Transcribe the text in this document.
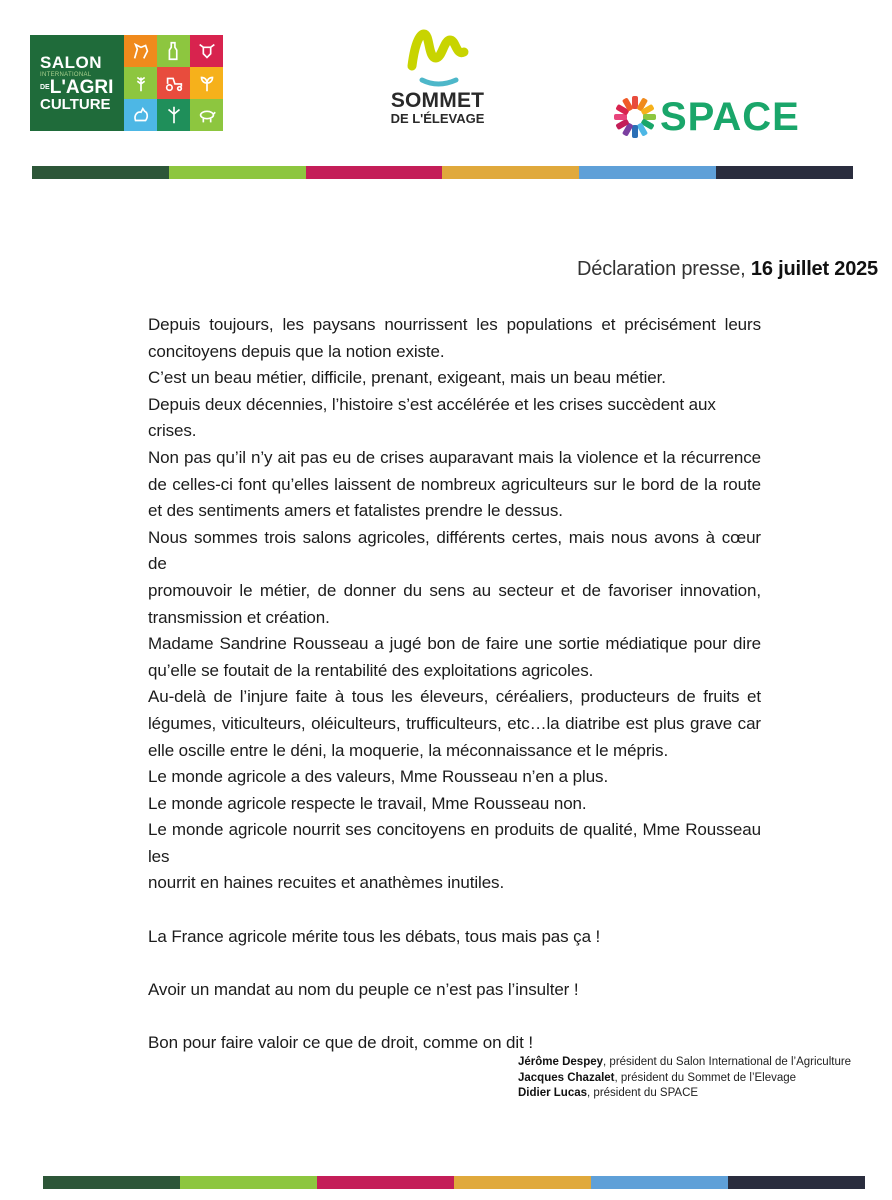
SALON
INTERNATIONAL
$^{DE}$L'AGRI
CULTURE	SOMMET
DE L'ÉLEVAGE	SPACE
Déclaration presse, 16 juillet 2025

Depuis toujours, les paysans nourrissent les populations et précisément leurs

concitoyens depuis que la notion existe.

C’est un beau métier, difficile, prenant, exigeant, mais un beau métier.

Depuis deux décennies, l’histoire s’est accélérée et les crises succèdent aux crises.

Non pas qu’il n’y ait pas eu de crises auparavant mais la violence et la récurrence

de celles-ci font qu’elles laissent de nombreux agriculteurs sur le bord de la route

et des sentiments amers et fatalistes prendre le dessus.

Nous sommes trois salons agricoles, différents certes, mais nous avons à cœur de

promouvoir le métier, de donner du sens au secteur et de favoriser innovation,

transmission et création.

Madame Sandrine Rousseau a jugé bon de faire une sortie médiatique pour dire

qu’elle se foutait de la rentabilité des exploitations agricoles.

Au-delà de l’injure faite à tous les éleveurs, céréaliers, producteurs de fruits et

légumes, viticulteurs, oléiculteurs, trufficulteurs, etc…la diatribe est plus grave car

elle oscille entre le déni, la moquerie, la méconnaissance et le mépris.

Le monde agricole a des valeurs, Mme Rousseau n’en a plus.

Le monde agricole respecte le travail, Mme Rousseau non.

Le monde agricole nourrit ses concitoyens en produits de qualité, Mme Rousseau les

nourrit en haines recuites et anathèmes inutiles.

La France agricole mérite tous les débats, tous mais pas ça !

Avoir un mandat au nom du peuple ce n’est pas l’insulter !

Bon pour faire valoir ce que de droit, comme on dit !

Jérôme Despey, président du Salon International de l’Agriculture
Jacques Chazalet, président du Sommet de l’Elevage
Didier Lucas, président du SPACE
